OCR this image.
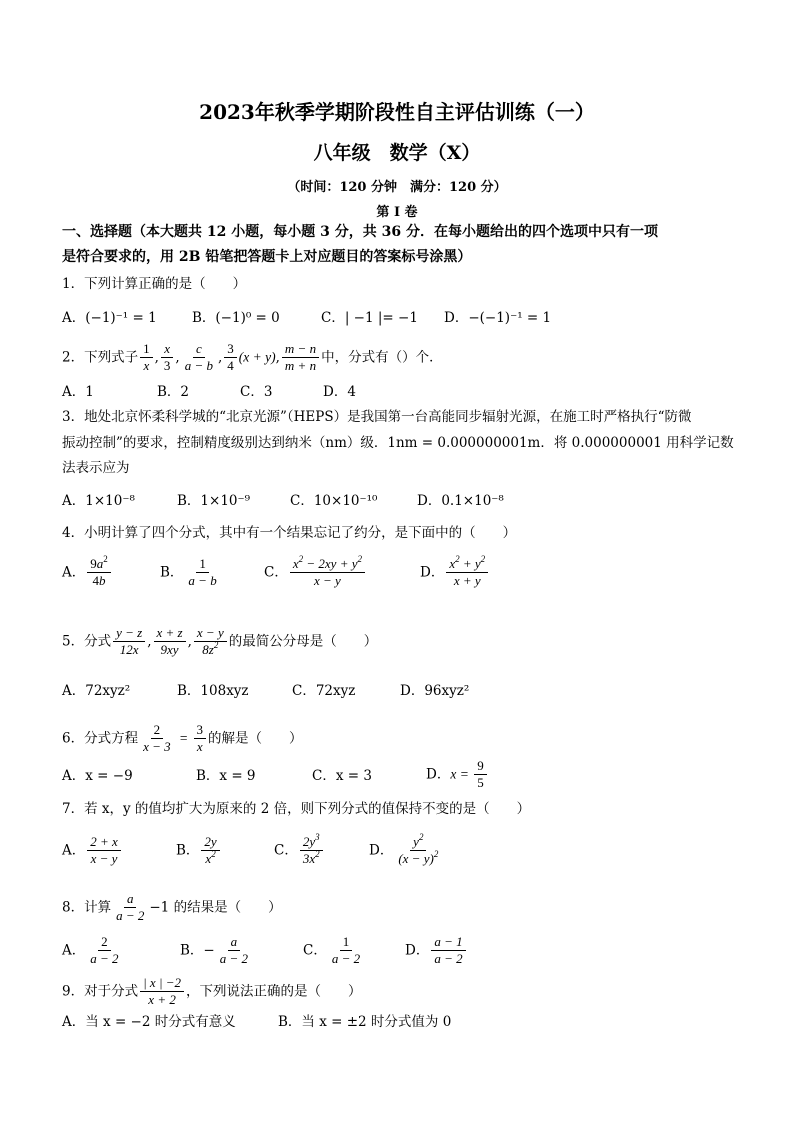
2023年秋季学期阶段性自主评估训练（一）
八年级　数学（X）
（时间：120 分钟　满分：120 分）
第 I 卷
一、选择题（本大题共 12 小题，每小题 3 分，共 36 分．在每小题给出的四个选项中只有一项
是符合要求的，用 2B 铅笔把答题卡上对应题目的答案标号涂黑）
1．下列计算正确的是（　　）
A．(−1)⁻¹ = 1	B．(−1)⁰ = 0	C．| −1 |= −1 D．−(−1)⁻¹ = 1
2．下列式子 $\frac{1}{x}$ , $\frac{x}{3}$ , $\frac{c}{a - b}$ , $\frac{3}{4} (x + y)$, $\frac{m - n}{m + n}$ 中，分式有（）个．
A．1	B．2	C．3	D．4
3．地处北京怀柔科学城的“北京光源”（HEPS）是我国第一台高能同步辐射光源，在施工时严格执行“防微
振动控制”的要求，控制精度级别达到纳米（nm）级．1nm = 0.000000001m．将 0.000000001 用科学记数
法表示应为
A．1×10⁻⁸	B．1×10⁻⁹	C．10×10⁻¹⁰	D．0.1×10⁻⁸
4．小明计算了四个分式，其中有一个结果忘记了约分，是下面中的（　　）
A． $\frac{9a^2}{4b}$	B． $\frac{1}{a - b}$	C． $\frac{x^2 - 2xy + y^2}{x - y}$	D． $\frac{x^2 + y^2}{x + y}$
5．分式 $\frac{y - z}{12x}$ , $\frac{x + z}{9xy}$ , $\frac{x - y}{8z^2}$ 的最简公分母是（　　）
A．72xyz²	B．108xyz	C．72xyz	D．96xyz²
6．分式方程 $\frac{2}{x - 3} = \frac{3}{x}$ 的解是（　　）
A．x = −9	B．x = 9	C．x = 3	D．$x = \frac{9}{5}$
7．若 x，y 的值均扩大为原来的 2 倍，则下列分式的值保持不变的是（　　）
A． $\frac{2 + x}{x - y}$	B． $\frac{2y}{x^2}$	C． $\frac{2y^3}{3x^2}$	D． $\frac{y^2}{(x - y)^2}$
8．计算 $\frac{a}{a - 2} -1$ 的结果是（　　）
A． $\frac{2}{a - 2}$	B．− $\frac{a}{a - 2}$	C． $\frac{1}{a - 2}$	D． $\frac{a - 1}{a - 2}$
9．对于分式 $\frac{| x | -2}{x + 2}$ ，下列说法正确的是（　　）
A．当 x = −2 时分式有意义	B．当 x = ±2 时分式值为 0
